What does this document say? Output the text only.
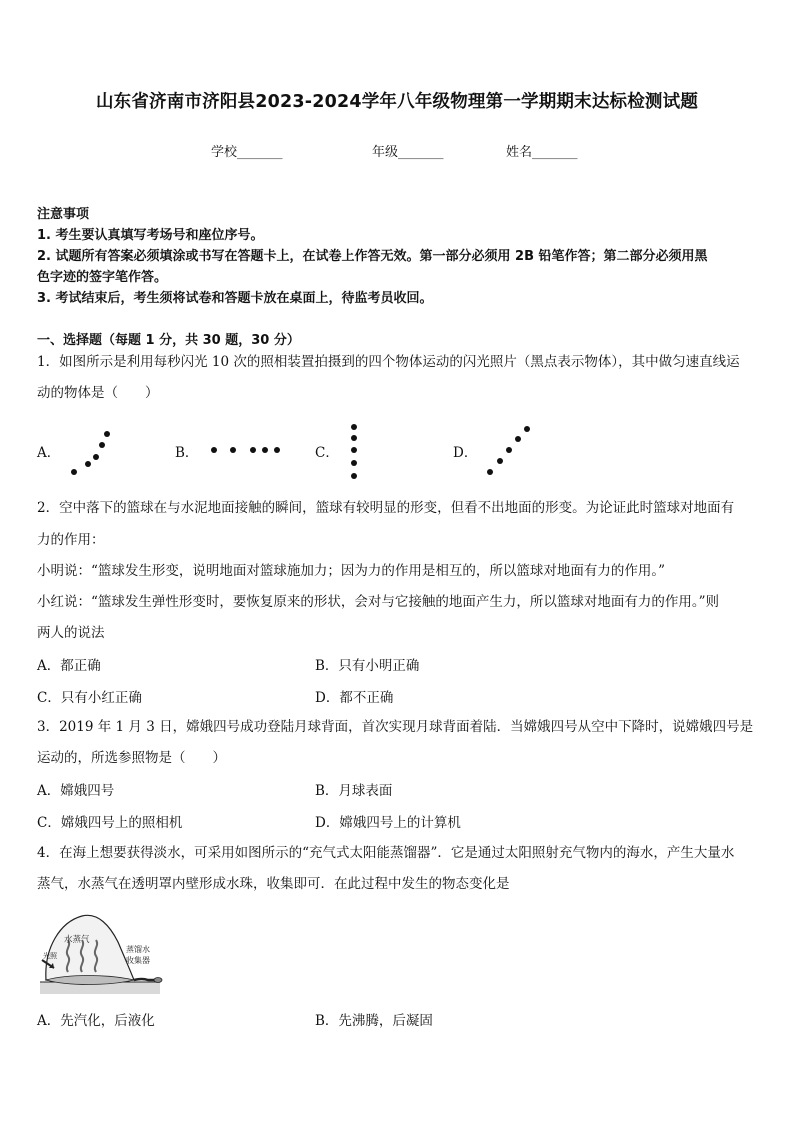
山东省济南市济阳县2023-2024学年八年级物理第一学期期末达标检测试题
学校_______	年级_______	姓名_______
注意事项
1. 考生要认真填写考场号和座位序号。
2. 试题所有答案必须填涂或书写在答题卡上，在试卷上作答无效。第一部分必须用 2B 铅笔作答；第二部分必须用黑
色字迹的签字笔作答。
3. 考试结束后，考生须将试卷和答题卡放在桌面上，待监考员收回。
一、选择题（每题 1 分，共 30 题，30 分）
1．如图所示是利用每秒闪光 10 次的照相装置拍摄到的四个物体运动的闪光照片（黑点表示物体），其中做匀速直线运
动的物体是（　　）
A．	B．	C．	D．
2．空中落下的篮球在与水泥地面接触的瞬间，篮球有较明显的形变，但看不出地面的形变。为论证此时篮球对地面有
力的作用：
小明说：“篮球发生形变，说明地面对篮球施加力；因为力的作用是相互的，所以篮球对地面有力的作用。”
小红说：“篮球发生弹性形变时，要恢复原来的形状，会对与它接触的地面产生力，所以篮球对地面有力的作用。”则
两人的说法
A．都正确	B．只有小明正确
C．只有小红正确	D．都不正确
3．2019 年 1 月 3 日，嫦娥四号成功登陆月球背面，首次实现月球背面着陆．当嫦娥四号从空中下降时，说嫦娥四号是
运动的，所选参照物是（　　）
A．嫦娥四号	B．月球表面
C．嫦娥四号上的照相机	D．嫦娥四号上的计算机
4．在海上想要获得淡水，可采用如图所示的“充气式太阳能蒸馏器”．它是通过太阳照射充气物内的海水，产生大量水
蒸气，水蒸气在透明罩内壁形成水珠，收集即可．在此过程中发生的物态变化是
水蒸气
光照
蒸馏水
收集器
A．先汽化，后液化	B．先沸腾，后凝固
